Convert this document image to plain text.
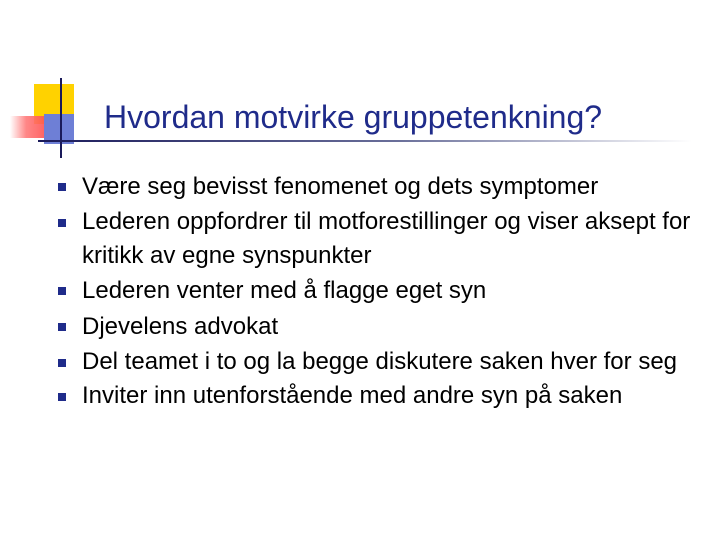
Hvordan motvirke gruppetenkning?
Være seg bevisst fenomenet og dets symptomer
Lederen oppfordrer til motforestillinger og viser aksept for kritikk av egne synspunkter
Lederen venter med å flagge eget syn
Djevelens advokat
Del teamet i to og la begge diskutere saken hver for seg
Inviter inn utenforstående med andre syn på saken
